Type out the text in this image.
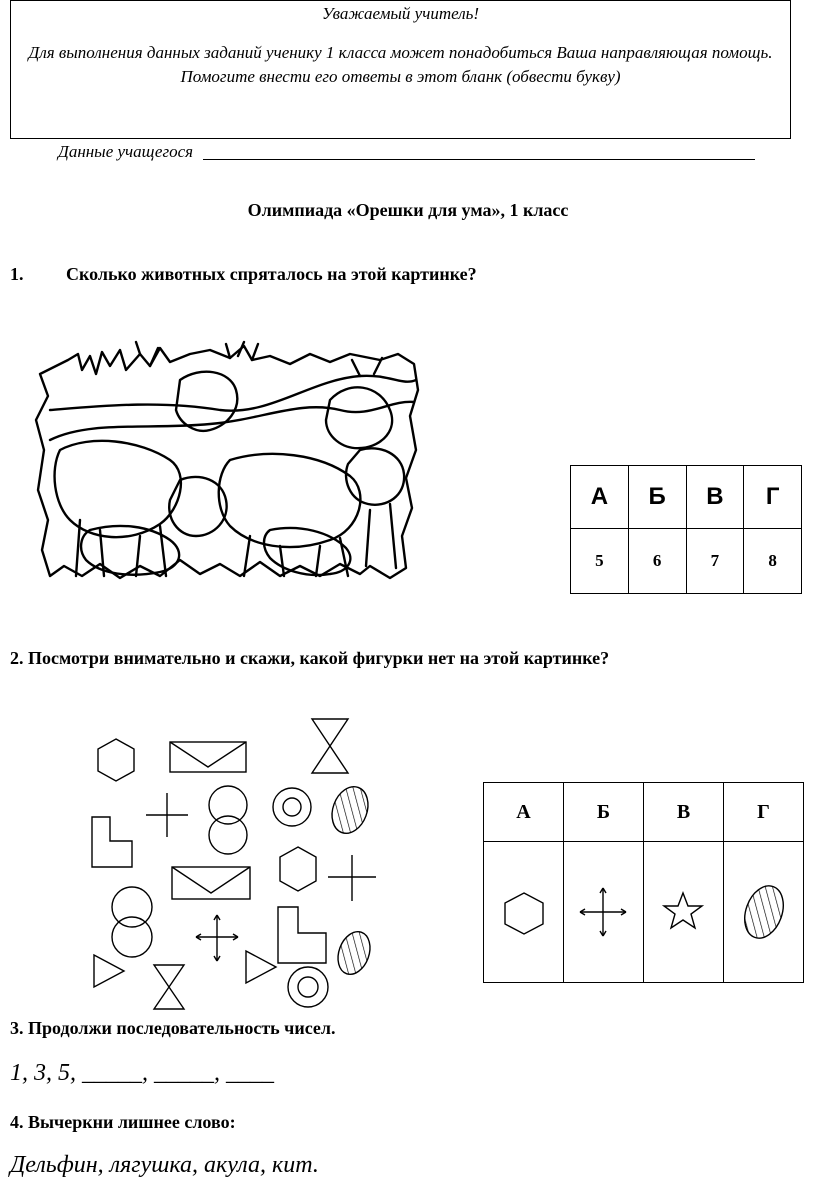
Уважаемый учитель!
Для выполнения данных заданий ученику 1 класса может понадобиться Ваша направляющая помощь. Помогите внести его ответы в этот бланк (обвести букву)
Данные учащегося
Олимпиада «Орешки для ума», 1 класс
1. Сколько животных спряталось на этой картинке?
А	Б	В	Г
5	6	7	8
2. Посмотри внимательно и скажи, какой фигурки нет на этой картинке?
А	Б	В	Г

3. Продолжи последовательность чисел.
1, 3, 5, _____, _____, ____
4. Вычеркни лишнее слово:
Дельфин, лягушка, акула, кит.
